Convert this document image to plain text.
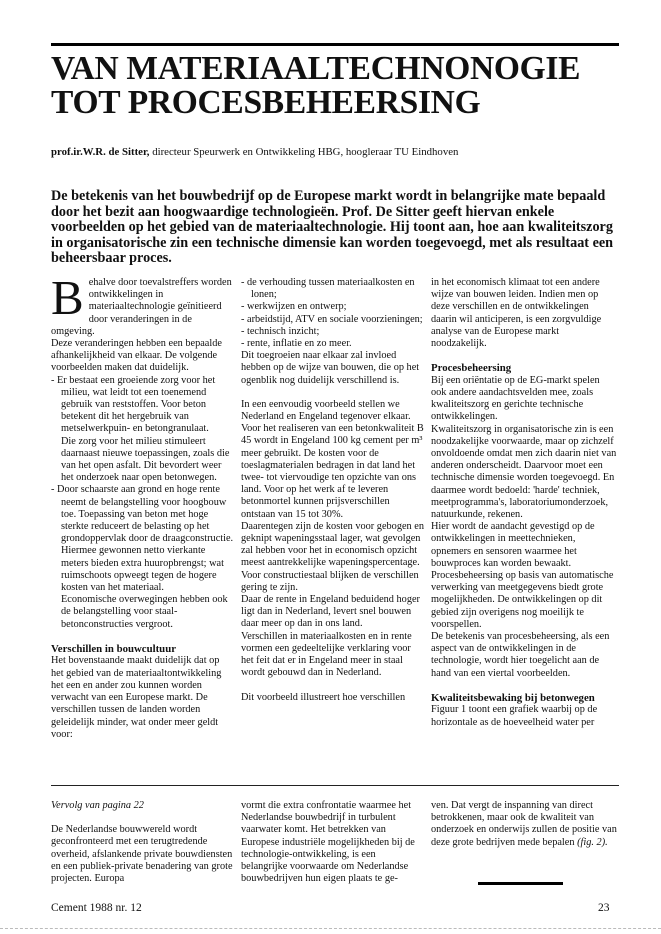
VAN MATERIAALTECHNONOGIE
TOT PROCESBEHEERSING
prof.ir.W.R. de Sitter, directeur Speurwerk en Ontwikkeling HBG, hoogleraar TU Eindhoven

De betekenis van het bouwbedrijf op de Europese markt wordt in belangrijke mate bepaald door het bezit aan hoogwaardige technologieën. Prof. De Sitter geeft hiervan enkele voorbeelden op het gebied van de materiaaltechnologie. Hij toont aan, hoe aan kwaliteitszorg in organisatorische zin een technische dimensie kan worden toegevoegd, met als resultaat een beheersbaar proces.

B ehalve door toevalstreffers worden ontwikkelingen in materiaaltechnologie geïnitieerd door veranderingen in de omgeving.

Deze veranderingen hebben een bepaalde afhankelijkheid van elkaar. De volgende voorbeelden maken dat duidelijk.

- Er bestaat een groeiende zorg voor het milieu, wat leidt tot een toenemend gebruik van reststoffen. Voor beton betekent dit het hergebruik van metselwerkpuin- en betongranulaat.

Die zorg voor het milieu stimuleert daarnaast nieuwe toepassingen, zoals die van het open asfalt. Dit bevordert weer het onderzoek naar open betonwegen.

- Door schaarste aan grond en hoge rente neemt de belangstelling voor hoogbouw toe. Toepassing van beton met hoge sterkte reduceert de belasting op het grondoppervlak door de draagconstructie. Hiermee gewonnen netto vierkante meters bieden extra huuropbrengst; wat ruimschoots opweegt tegen de hogere kosten van het materiaal.

Economische overwegingen hebben ook de belangstelling voor staal-betonconstructies vergroot.

Verschillen in bouwcultuur

Het bovenstaande maakt duidelijk dat op het gebied van de materiaaltontwikkeling het een en ander zou kunnen worden verwacht van een Europese markt. De verschillen tussen de landen worden geleidelijk minder, wat onder meer geldt voor:

- de verhouding tussen materiaalkosten en lonen;
- werkwijzen en ontwerp;
- arbeidstijd, ATV en sociale voorzieningen;
- technisch inzicht;
- rente, inflatie en zo meer.

Dit toegroeien naar elkaar zal invloed hebben op de wijze van bouwen, die op het ogenblik nog duidelijk verschillend is.

In een eenvoudig voorbeeld stellen we Nederland en Engeland tegenover elkaar.

Voor het realiseren van een betonkwaliteit B 45 wordt in Engeland 100 kg cement per m³ meer gebruikt. De kosten voor de toeslagmaterialen bedragen in dat land het twee- tot viervoudige ten opzichte van ons land. Voor op het werk af te leveren betonmortel kunnen prijsverschillen ontstaan van 15 tot 30%.

Daarentegen zijn de kosten voor gebogen en geknipt wapeningsstaal lager, wat gevolgen zal hebben voor het in economisch opzicht meest aantrekkelijke wapeningspercentage.

Voor constructiestaal blijken de verschillen gering te zijn.

Daar de rente in Engeland beduidend hoger ligt dan in Nederland, levert snel bouwen daar meer op dan in ons land.

Verschillen in materiaalkosten en in rente vormen een gedeeltelijke verklaring voor het feit dat er in Engeland meer in staal wordt gebouwd dan in Nederland.

Dit voorbeeld illustreert hoe verschillen

in het economisch klimaat tot een andere wijze van bouwen leiden. Indien men op deze verschillen en de ontwikkelingen daarin wil anticiperen, is een zorgvuldige analyse van de Europese markt noodzakelijk.

Procesbeheersing

Bij een oriëntatie op de EG-markt spelen ook andere aandachtsvelden mee, zoals kwaliteitszorg en gerichte technische ontwikkelingen.

Kwaliteitszorg in organisatorische zin is een noodzakelijke voorwaarde, maar op zichzelf onvoldoende omdat men zich daarin niet van anderen onderscheidt. Daarvoor moet een technische dimensie worden toegevoegd. En daarmee wordt bedoeld: 'harde' techniek, meetprogramma's, laboratoriumonderzoek, natuurkunde, rekenen.

Hier wordt de aandacht gevestigd op de ontwikkelingen in meettechnieken, opnemers en sensoren waarmee het bouwproces kan worden bewaakt. Procesbeheersing op basis van automatische verwerking van meetgegevens biedt grote mogelijkheden. De ontwikkelingen op dit gebied zijn overigens nog moeilijk te voorspellen.

De betekenis van procesbeheersing, als een aspect van de ontwikkelingen in de technologie, wordt hier toegelicht aan de hand van een viertal voorbeelden.

Kwaliteitsbewaking bij betonwegen

Figuur 1 toont een grafiek waarbij op de horizontale as de hoeveelheid water per

Vervolg van pagina 22

De Nederlandse bouwwereld wordt geconfronteerd met een terugtredende overheid, afslankende private bouwdiensten en een publiek-private benadering van grote projecten. Europa

vormt die extra confrontatie waarmee het Nederlandse bouwbedrijf in turbulent vaarwater komt. Het betrekken van Europese industriële mogelijkheden bij de technologie-ontwikkeling, is een belangrijke voorwaarde om Nederlandse bouwbedrijven hun eigen plaats te ge-

ven. Dat vergt de inspanning van direct betrokkenen, maar ook de kwaliteit van onderzoek en onderwijs zullen de positie van deze grote bedrijven mede bepalen (fig. 2).

Cement 1988 nr. 12	23
